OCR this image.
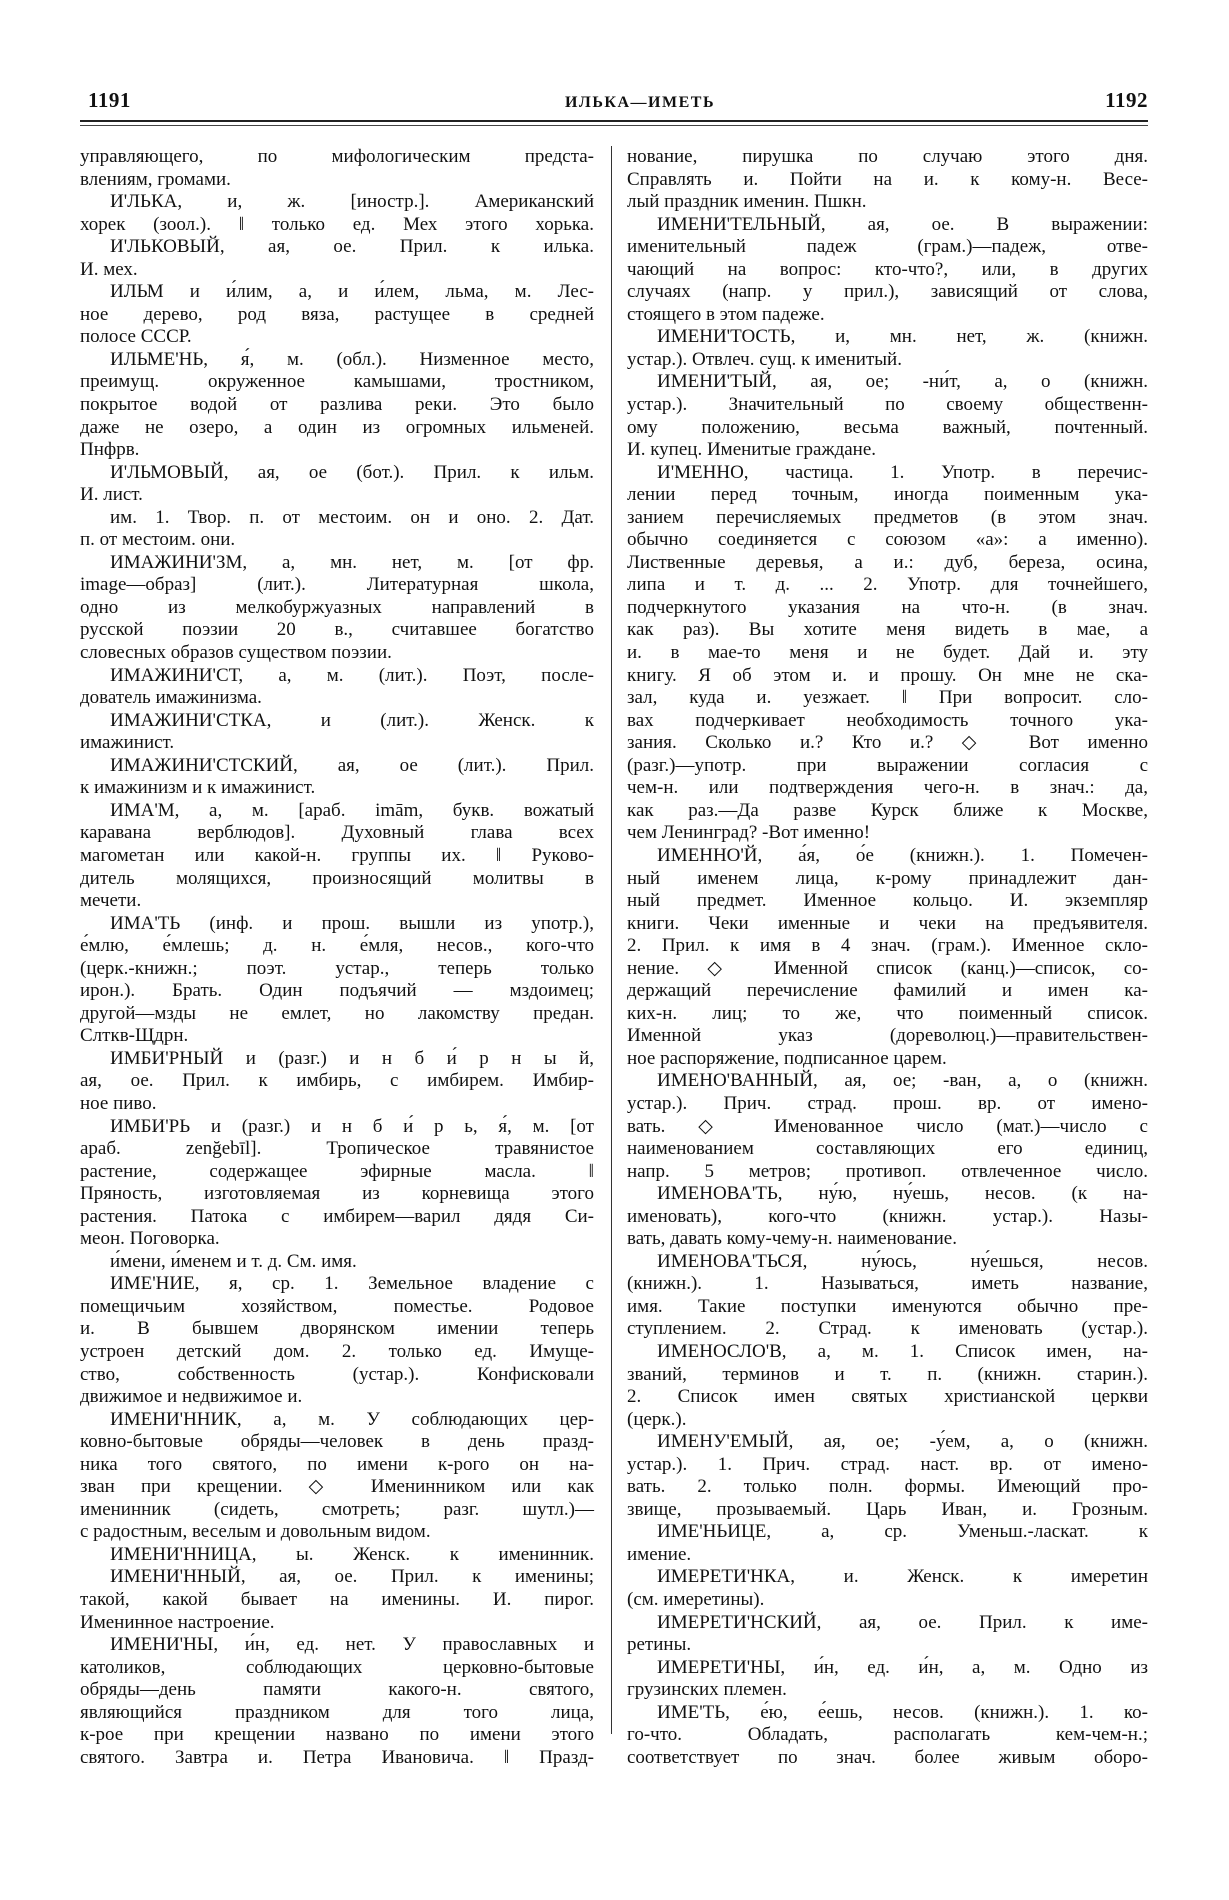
1191	ИЛЬКА—ИМЕТЬ	1192
управляющего, по мифологическим предста-
влениям, громами.
И'ЛЬКА, и, ж. [иностр.]. Американский
хорек (зоол.). ‖ только ед. Мех этого хорька.
И'ЛЬКОВЫЙ, ая, ое. Прил. к илька.
И. мех.
ИЛЬМ и и́лим, а, и и́лем, льма, м. Лес-
ное дерево, род вяза, растущее в средней
полосе СССР.
ИЛЬМЕ'НЬ, я́, м. (обл.). Низменное место,
преимущ. окруженное камышами, тростником,
покрытое водой от разлива реки. Это было
даже не озеро, а один из огромных ильменей.
Пнфрв.
И'ЛЬМОВЫЙ, ая, ое (бот.). Прил. к ильм.
И. лист.
им. 1. Твор. п. от местоим. он и оно. 2. Дат.
п. от местоим. они.
ИМАЖИНИ'ЗМ, а, мн. нет, м. [от фр.
image—образ] (лит.). Литературная школа,
одно из мелкобуржуазных направлений в
русской поэзии 20 в., считавшее богатство
словесных образов существом поэзии.
ИМАЖИНИ'СТ, а, м. (лит.). Поэт, после-
дователь имажинизма.
ИМАЖИНИ'СТКА, и (лит.). Женск. к
имажинист.
ИМАЖИНИ'СТСКИЙ, ая, ое (лит.). Прил.
к имажинизм и к имажинист.
ИМА'М, а, м. [араб. imām, букв. вожатый
каравана верблюдов]. Духовный глава всех
магометан или какой-н. группы их. ‖ Руково-
дитель молящихся, произносящий молитвы в
мечети.
ИМА'ТЬ (инф. и прош. вышли из употр.),
е́млю, е́млешь; д. н. е́мля, несов., кого-что
(церк.-книжн.; поэт. устар., теперь только
ирон.). Брать. Один подъячий — мздоимец;
другой—мзды не емлет, но лакомству предан.
Слткв-Щдрн.
ИМБИ'РНЫЙ и (разг.) и н б и́ р н ы й,
ая, ое. Прил. к имбирь, с имбирем. Имбир-
ное пиво.
ИМБИ'РЬ и (разг.) и н б и́ р ь, я́, м. [от
араб. zenğebīl]. Тропическое травянистое
растение, содержащее эфирные масла. ‖
Пряность, изготовляемая из корневища этого
растения. Патока с имбирем—варил дядя Си-
меон. Поговорка.
и́мени, и́менем и т. д. См. имя.
ИМЕ'НИЕ, я, ср. 1. Земельное владение с
помещичьим хозяйством, поместье. Родовое
и. В бывшем дворянском имении теперь
устроен детский дом. 2. только ед. Имуще-
ство, собственность (устар.). Конфисковали
движимое и недвижимое и.
ИМЕНИ'ННИК, а, м. У соблюдающих цер-
ковно-бытовые обряды—человек в день празд-
ника того святого, по имени к-рого он на-
зван при крещении. ◇ Именинником или как
именинник (сидеть, смотреть; разг. шутл.)—
с радостным, веселым и довольным видом.
ИМЕНИ'ННИЦА, ы. Женск. к именинник.
ИМЕНИ'ННЫЙ, ая, ое. Прил. к именины;
такой, какой бывает на именины. И. пирог.
Именинное настроение.
ИМЕНИ'НЫ, и́н, ед. нет. У православных и
католиков, соблюдающих церковно-бытовые
обряды—день памяти какого-н. святого,
являющийся праздником для того лица,
к-рое при крещении названо по имени этого
святого. Завтра и. Петра Ивановича. ‖ Празд-
нование, пирушка по случаю этого дня.
Справлять и. Пойти на и. к кому-н. Весе-
лый праздник именин. Пшкн.
ИМЕНИ'ТЕЛЬНЫЙ, ая, ое. В выражении:
именительный падеж (грам.)—падеж, отве-
чающий на вопрос: кто-что?, или, в других
случаях (напр. у прил.), зависящий от слова,
стоящего в этом падеже.
ИМЕНИ'ТОСТЬ, и, мн. нет, ж. (книжн.
устар.). Отвлеч. сущ. к именитый.
ИМЕНИ'ТЫЙ, ая, ое; -ни́т, а, о (книжн.
устар.). Значительный по своему общественн-
ому положению, весьма важный, почтенный.
И. купец. Именитые граждане.
И'МЕННО, частица. 1. Употр. в перечис-
лении перед точным, иногда поименным ука-
занием перечисляемых предметов (в этом знач.
обычно соединяется с союзом «а»: а именно).
Лиственные деревья, а и.: дуб, береза, осина,
липа и т. д. ... 2. Употр. для точнейшего,
подчеркнутого указания на что-н. (в знач.
как раз). Вы хотите меня видеть в мае, а
и. в мае-то меня и не будет. Дай и. эту
книгу. Я об этом и. и прошу. Он мне не ска-
зал, куда и. уезжает. ‖ При вопросит. сло-
вах подчеркивает необходимость точного ука-
зания. Сколько и.? Кто и.? ◇ Вот именно
(разг.)—употр. при выражении согласия с
чем-н. или подтверждения чего-н. в знач.: да,
как раз.—Да разве Курск ближе к Москве,
чем Ленинград? -Вот именно!
ИМЕННО'Й, а́я, о́е (книжн.). 1. Помечен-
ный именем лица, к-рому принадлежит дан-
ный предмет. Именное кольцо. И. экземпляр
книги. Чеки именные и чеки на предъявителя.
2. Прил. к имя в 4 знач. (грам.). Именное скло-
нение. ◇ Именной список (канц.)—список, со-
держащий перечисление фамилий и имен ка-
ких-н. лиц; то же, что поименный список.
Именной указ (дореволюц.)—правительствен-
ное распоряжение, подписанное царем.
ИМЕНО'ВАННЫЙ, ая, ое; -ван, а, о (книжн.
устар.). Прич. страд. прош. вр. от имено-
вать. ◇ Именованное число (мат.)—число с
наименованием составляющих его единиц,
напр. 5 метров; противоп. отвлеченное число.
ИМЕНОВА'ТЬ, ну́ю, ну́ешь, несов. (к на-
именовать), кого-что (книжн. устар.). Назы-
вать, давать кому-чему-н. наименование.
ИМЕНОВА'ТЬСЯ, ну́юсь, ну́ешься, несов.
(книжн.). 1. Называться, иметь название,
имя. Такие поступки именуются обычно пре-
ступлением. 2. Страд. к именовать (устар.).
ИМЕНОСЛО'В, а, м. 1. Список имен, на-
званий, терминов и т. п. (книжн. старин.).
2. Список имен святых христианской церкви
(церк.).
ИМЕНУ'ЕМЫЙ, ая, ое; -у́ем, а, о (книжн.
устар.). 1. Прич. страд. наст. вр. от имено-
вать. 2. только полн. формы. Имеющий про-
звище, прозываемый. Царь Иван, и. Грозным.
ИМЕ'НЬИЦЕ, а, ср. Уменьш.-ласкат. к
имение.
ИМЕРЕТИ'НКА, и. Женск. к имеретин
(см. имеретины).
ИМЕРЕТИ'НСКИЙ, ая, ое. Прил. к име-
ретины.
ИМЕРЕТИ'НЫ, и́н, ед. и́н, а, м. Одно из
грузинских племен.
ИМЕ'ТЬ, е́ю, е́ешь, несов. (книжн.). 1. ко-
го-что. Обладать, располагать кем-чем-н.;
соответствует по знач. более живым оборо-
